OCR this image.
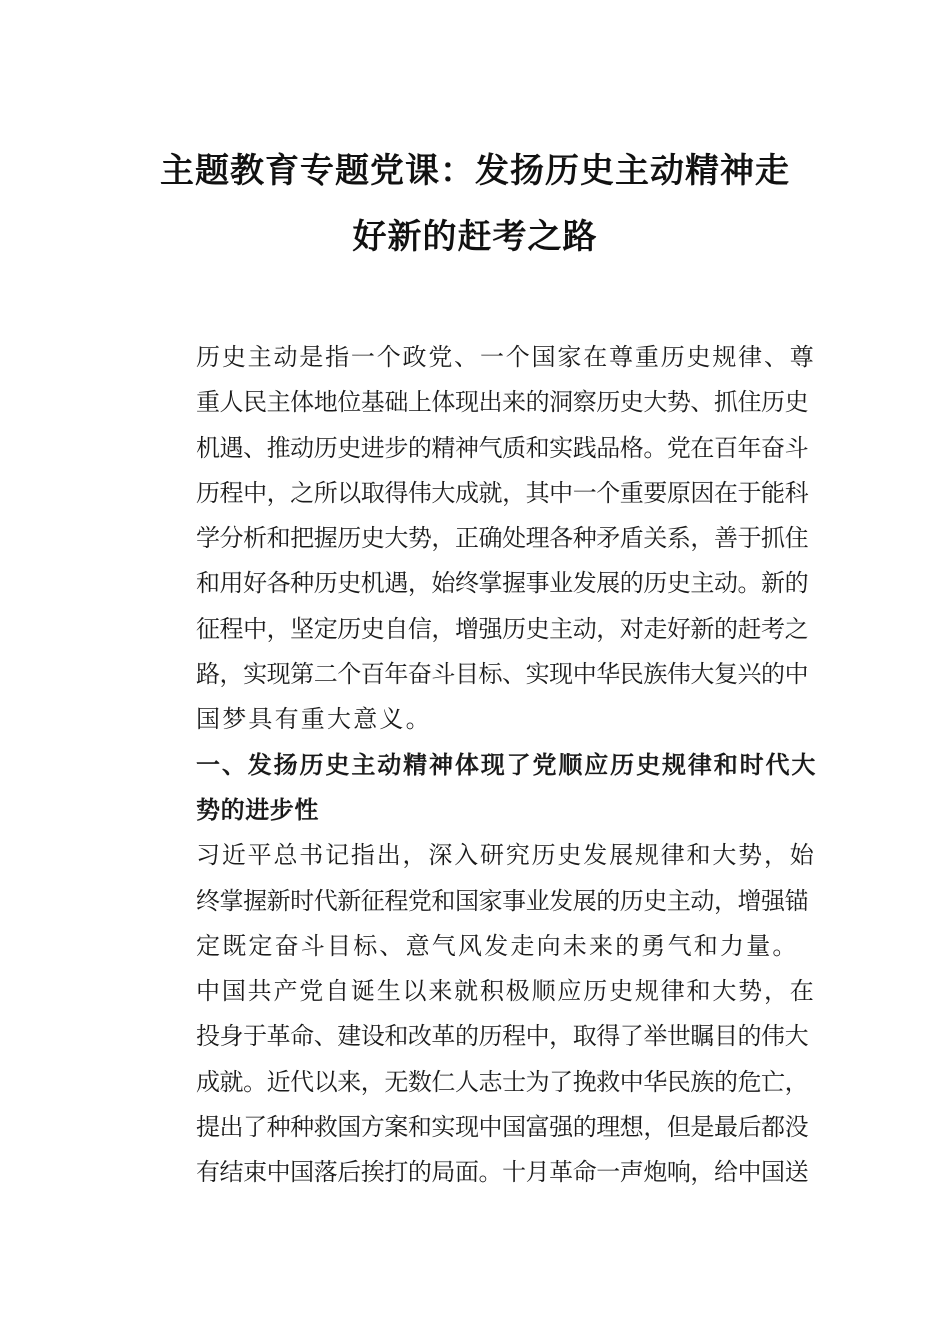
主题教育专题党课：发扬历史主动精神走
好新的赶考之路

历史主动是指一个政党、一个国家在尊重历史规律、尊
重人民主体地位基础上体现出来的洞察历史大势、抓住历史
机遇、推动历史进步的精神气质和实践品格。党在百年奋斗
历程中，之所以取得伟大成就，其中一个重要原因在于能科
学分析和把握历史大势，正确处理各种矛盾关系，善于抓住
和用好各种历史机遇，始终掌握事业发展的历史主动。新的
征程中，坚定历史自信，增强历史主动，对走好新的赶考之
路，实现第二个百年奋斗目标、实现中华民族伟大复兴的中
国梦具有重大意义。

一、发扬历史主动精神体现了党顺应历史规律和时代大
势的进步性

习近平总书记指出，深入研究历史发展规律和大势，始
终掌握新时代新征程党和国家事业发展的历史主动，增强锚
定既定奋斗目标、意气风发走向未来的勇气和力量。

中国共产党自诞生以来就积极顺应历史规律和大势，在
投身于革命、建设和改革的历程中，取得了举世瞩目的伟大
成就。近代以来，无数仁人志士为了挽救中华民族的危亡，
提出了种种救国方案和实现中国富强的理想，但是最后都没
有结束中国落后挨打的局面。十月革命一声炮响，给中国送
